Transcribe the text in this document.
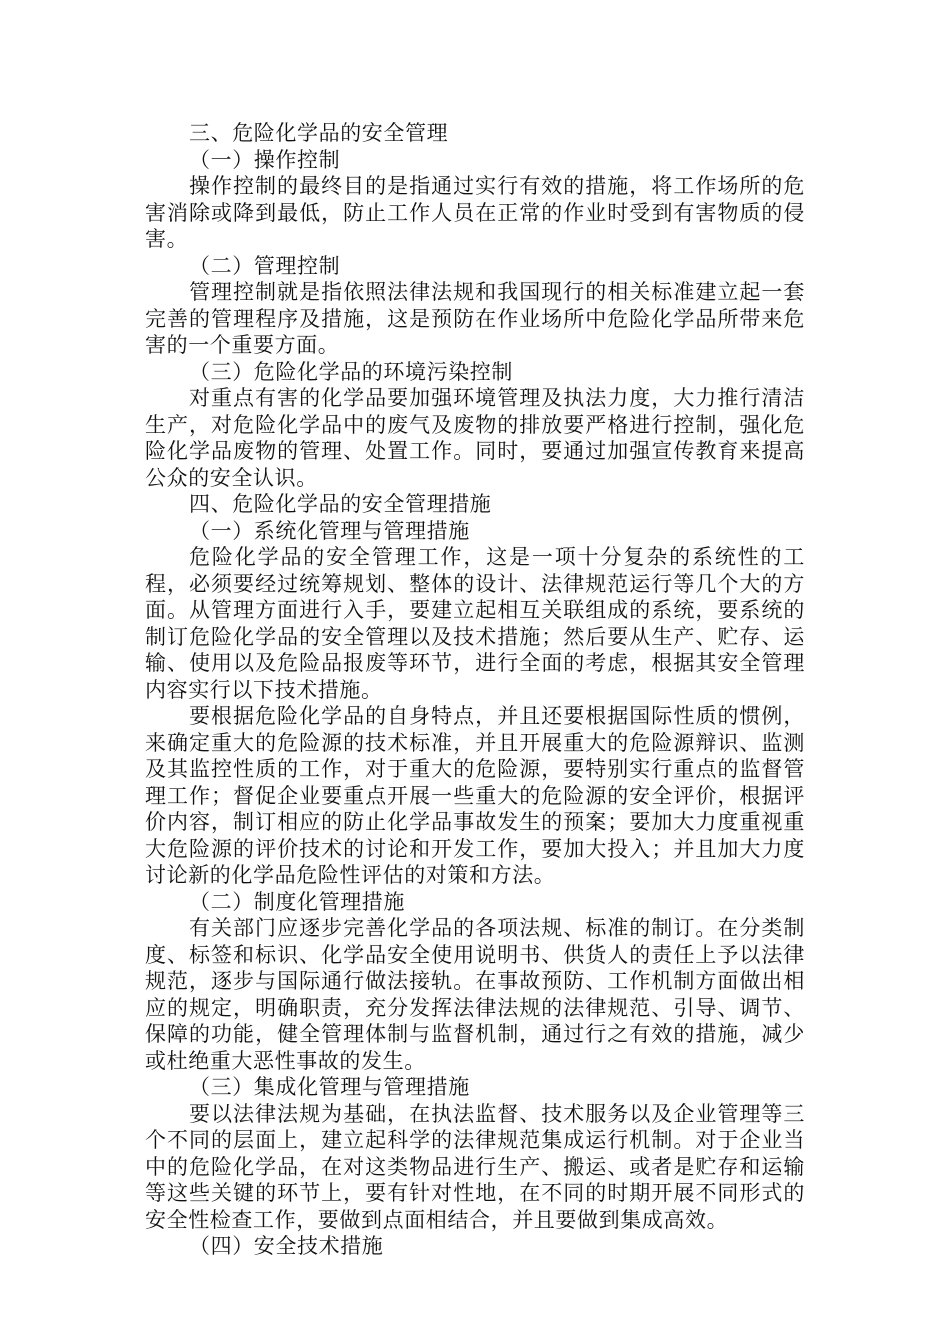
三、危险化学品的安全管理

（一）操作控制

操作控制的最终目的是指通过实行有效的措施，将工作场所的危害消除或降到最低，防止工作人员在正常的作业时受到有害物质的侵害。

（二）管理控制

管理控制就是指依照法律法规和我国现行的相关标准建立起一套完善的管理程序及措施，这是预防在作业场所中危险化学品所带来危害的一个重要方面。

（三）危险化学品的环境污染控制

对重点有害的化学品要加强环境管理及执法力度，大力推行清洁生产，对危险化学品中的废气及废物的排放要严格进行控制，强化危险化学品废物的管理、处置工作。同时，要通过加强宣传教育来提高公众的安全认识。

四、危险化学品的安全管理措施

（一）系统化管理与管理措施

危险化学品的安全管理工作，这是一项十分复杂的系统性的工程，必须要经过统筹规划、整体的设计、法律规范运行等几个大的方面。从管理方面进行入手，要建立起相互关联组成的系统，要系统的制订危险化学品的安全管理以及技术措施；然后要从生产、贮存、运输、使用以及危险品报废等环节，进行全面的考虑，根据其安全管理内容实行以下技术措施。

要根据危险化学品的自身特点，并且还要根据国际性质的惯例，来确定重大的危险源的技术标准，并且开展重大的危险源辩识、监测及其监控性质的工作，对于重大的危险源，要特别实行重点的监督管理工作；督促企业要重点开展一些重大的危险源的安全评价，根据评价内容，制订相应的防止化学品事故发生的预案；要加大力度重视重大危险源的评价技术的讨论和开发工作，要加大投入；并且加大力度讨论新的化学品危险性评估的对策和方法。

（二）制度化管理措施

有关部门应逐步完善化学品的各项法规、标准的制订。在分类制度、标签和标识、化学品安全使用说明书、供货人的责任上予以法律规范，逐步与国际通行做法接轨。在事故预防、工作机制方面做出相应的规定，明确职责，充分发挥法律法规的法律规范、引导、调节、保障的功能，健全管理体制与监督机制，通过行之有效的措施，减少或杜绝重大恶性事故的发生。

（三）集成化管理与管理措施

要以法律法规为基础，在执法监督、技术服务以及企业管理等三个不同的层面上，建立起科学的法律规范集成运行机制。对于企业当中的危险化学品，在对这类物品进行生产、搬运、或者是贮存和运输等这些关键的环节上，要有针对性地，在不同的时期开展不同形式的安全性检查工作，要做到点面相结合，并且要做到集成高效。

（四）安全技术措施
